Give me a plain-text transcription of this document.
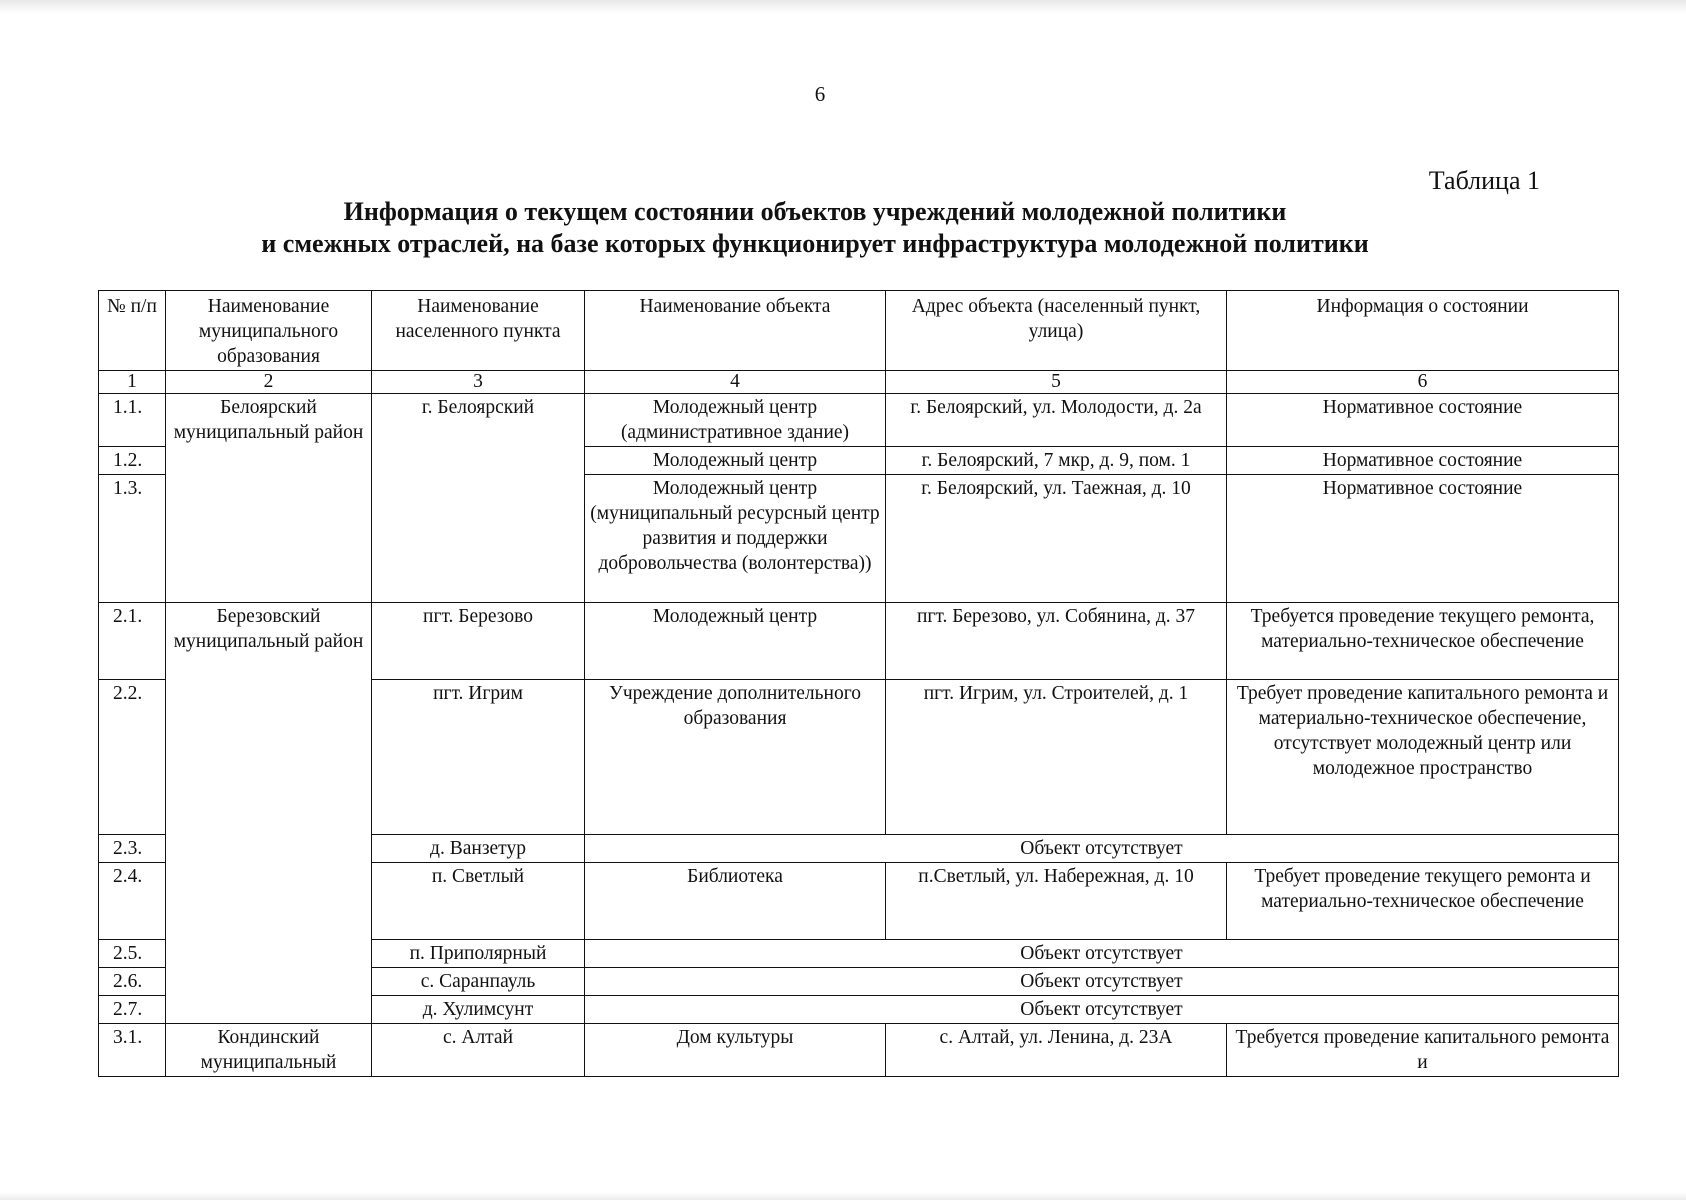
6
Таблица 1
Информация о текущем состоянии объектов учреждений молодежной политики
и смежных отраслей, на базе которых функционирует инфраструктура молодежной политики
№ п/п	Наименование муниципального образования	Наименование населенного пункта	Наименование объекта	Адрес объекта (населенный пункт, улица)	Информация о состоянии
1	2	3	4	5	6
1.1.	Белоярский муниципальный район	г. Белоярский	Молодежный центр (административное здание)	г. Белоярский, ул. Молодости, д. 2а	Нормативное состояние
1.2.			Молодежный центр	г. Белоярский, 7 мкр, д. 9, пом. 1	Нормативное состояние
1.3.			Молодежный центр (муниципальный ресурсный центр развития и поддержки добровольчества (волонтерства))	г. Белоярский, ул. Таежная, д. 10	Нормативное состояние
2.1.	Березовский муниципальный район	пгт. Березово	Молодежный центр	пгт. Березово, ул. Собянина, д. 37	Требуется проведение текущего ремонта, материально-техническое обеспечение
2.2.		пгт. Игрим	Учреждение дополнительного образования	пгт. Игрим, ул. Строителей, д. 1	Требует проведение капитального ремонта и материально-техническое обеспечение, отсутствует молодежный центр или молодежное пространство
2.3.		д. Ванзетур	Объект отсутствует		
2.4.		п. Светлый	Библиотека	п.Светлый, ул. Набережная, д. 10	Требует проведение текущего ремонта и материально-техническое обеспечение
2.5.		п. Приполярный	Объект отсутствует		
2.6.		с. Саранпауль	Объект отсутствует		
2.7.		д. Хулимсунт	Объект отсутствует		
3.1.	Кондинский муниципальный	с. Алтай	Дом культуры	с. Алтай, ул. Ленина, д. 23А	Требуется проведение капитального ремонта и
